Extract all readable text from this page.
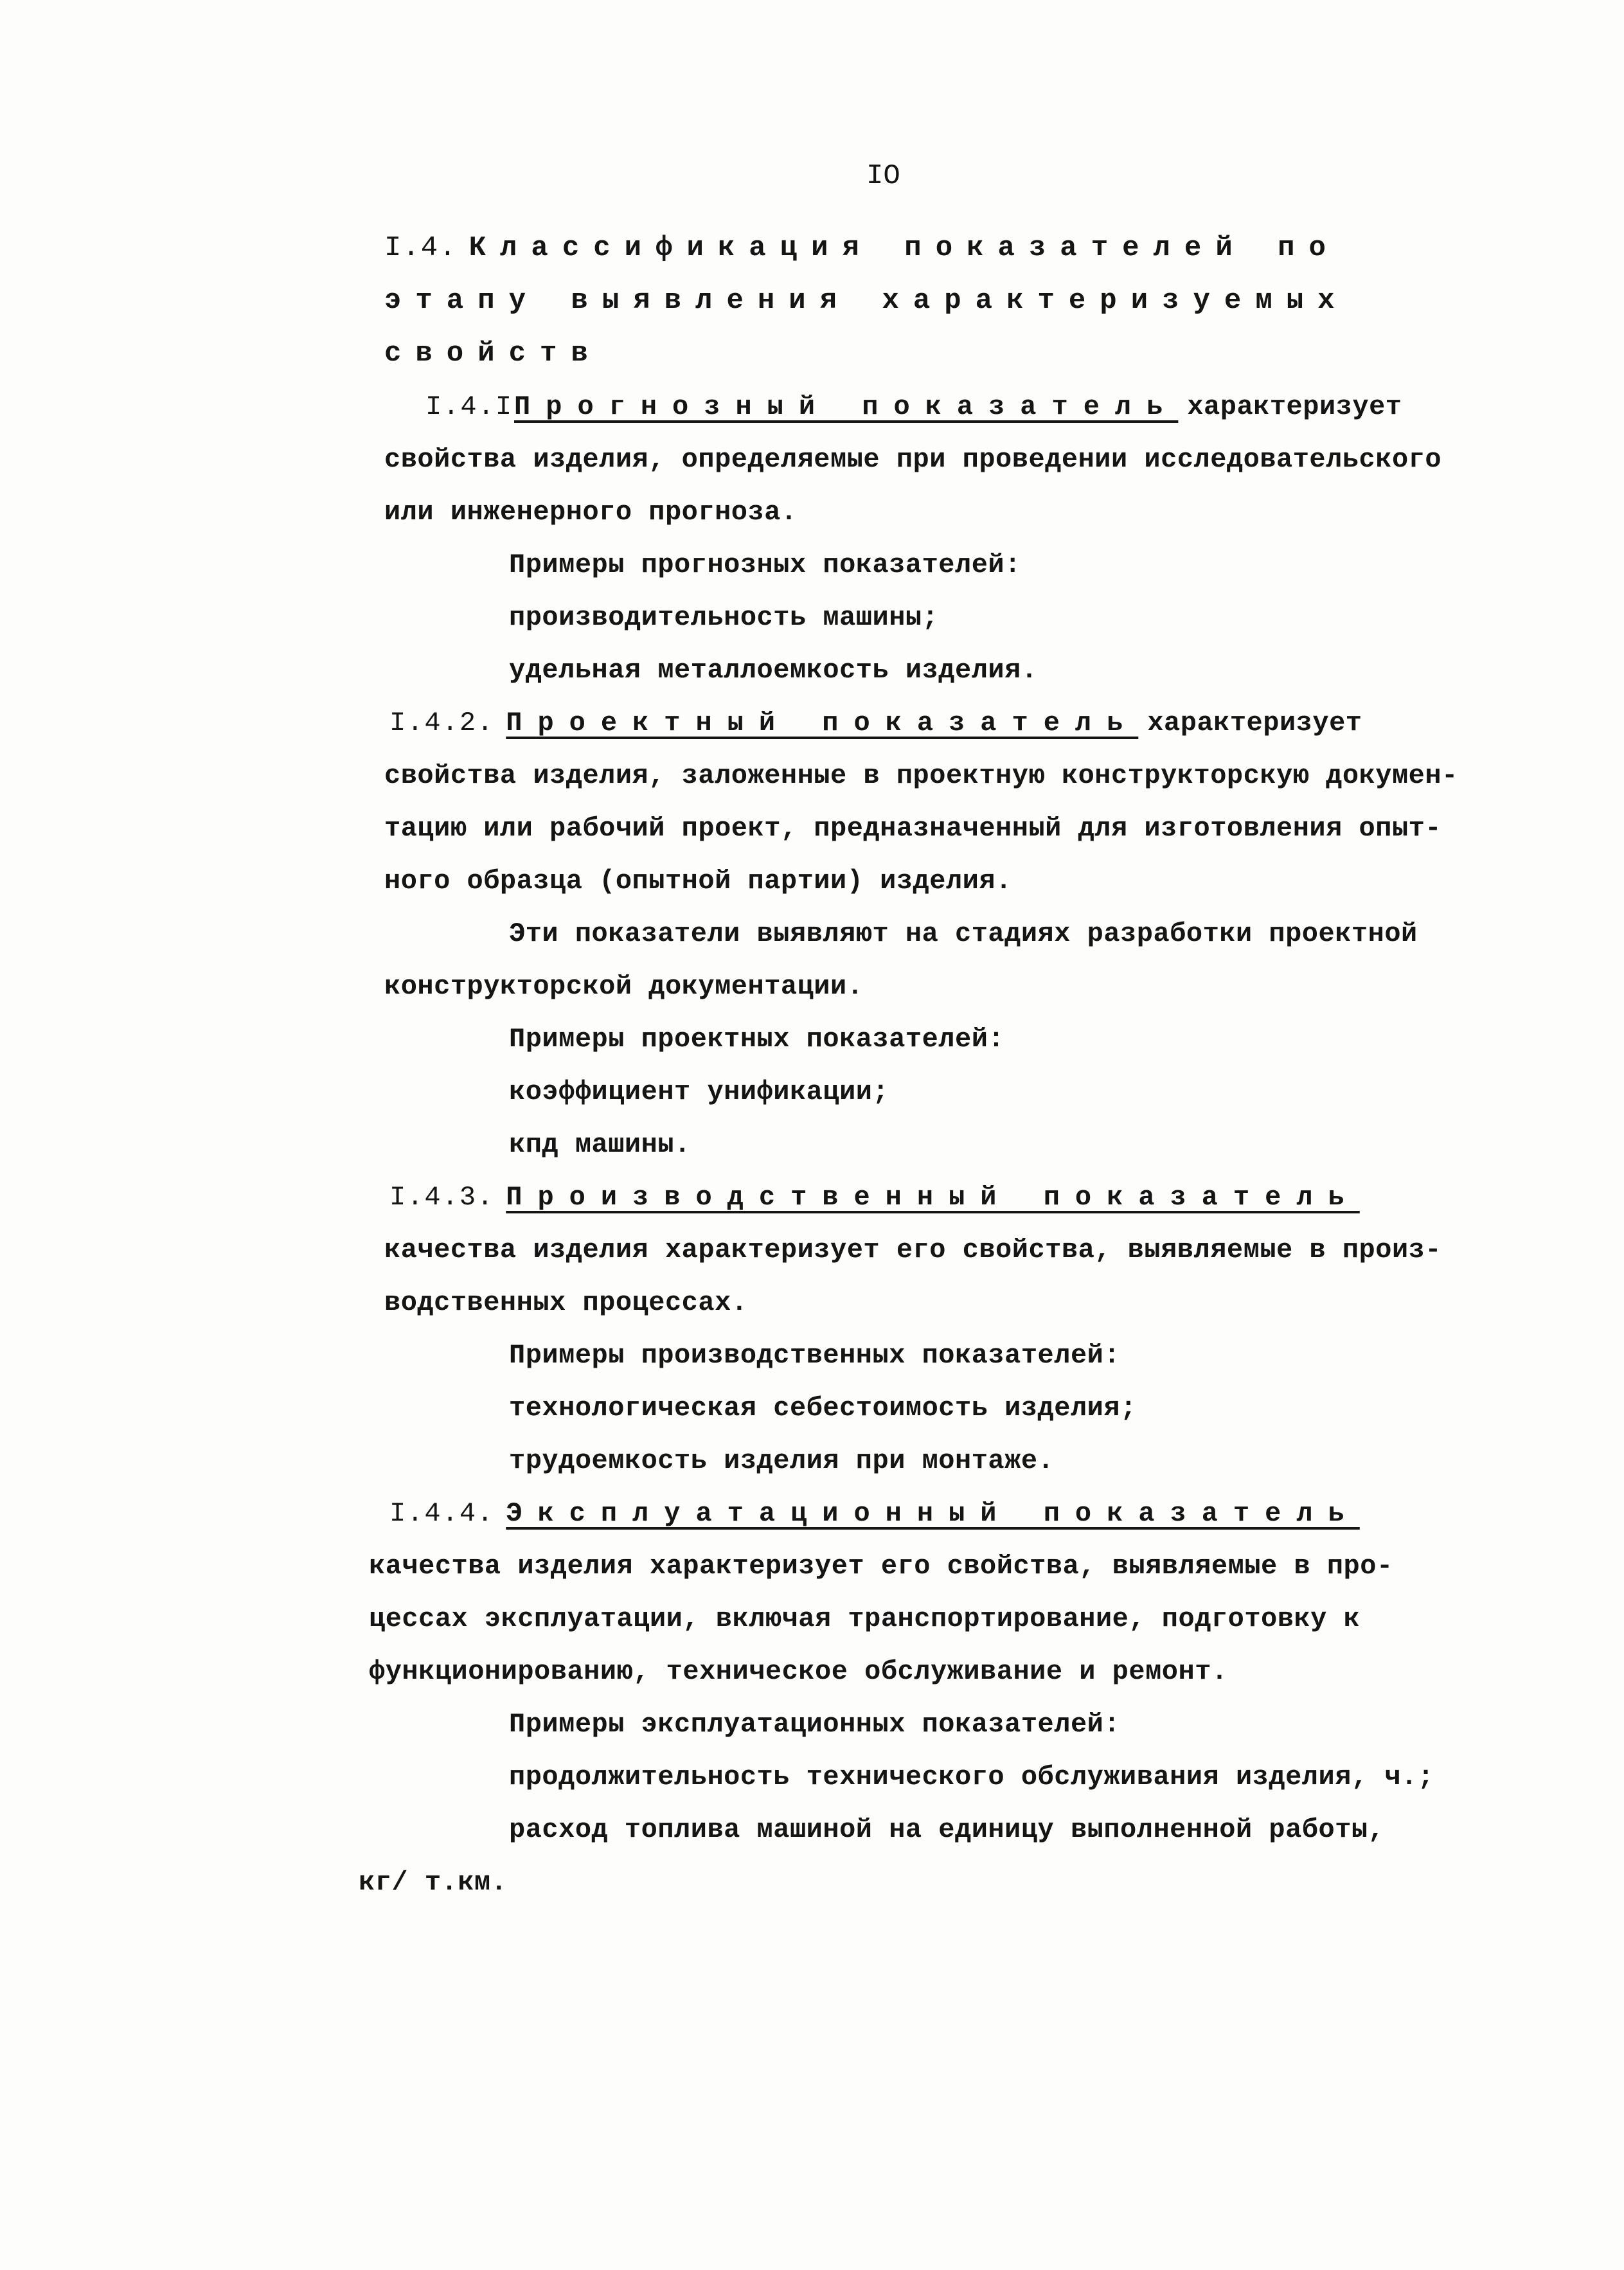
IO
I.4. Классификация показателей по
этапу выявления характеризуемых
свойств
I.4.IПрогнозный показатель характеризует
свойства изделия, определяемые при проведении исследовательского
или инженерного прогноза.
Примеры прогнозных показателей:
производительность машины;
удельная металлоемкость изделия.
I.4.2. Проектный показатель характеризует
свойства изделия, заложенные в проектную конструкторскую докумен-
тацию или рабочий проект, предназначенный для изготовления опыт-
ного образца (опытной партии) изделия.
Эти показатели выявляют на стадиях разработки проектной
конструкторской документации.
Примеры проектных показателей:
коэффициент унификации;
кпд машины.
I.4.3. Производственный показатель
качества изделия характеризует его свойства, выявляемые в произ-
водственных процессах.
Примеры производственных показателей:
технологическая себестоимость изделия;
трудоемкость изделия при монтаже.
I.4.4. Эксплуатационный показатель
качества изделия характеризует его свойства, выявляемые в про-
цессах эксплуатации, включая транспортирование, подготовку к
функционированию, техническое обслуживание и ремонт.
Примеры эксплуатационных показателей:
продолжительность технического обслуживания изделия, ч.;
расход топлива машиной на единицу выполненной работы,
кг/ т.км.
